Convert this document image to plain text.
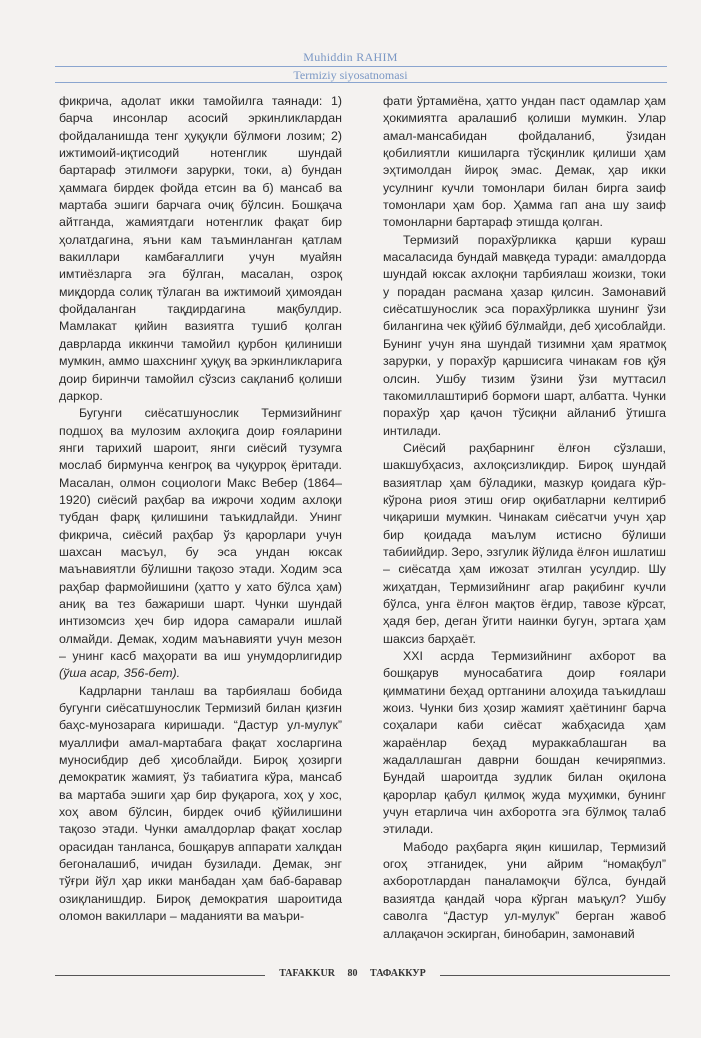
Muhiddin RAHIM
Termiziy siyosatnomasi

фикрича, адолат икки тамойилга таянади: 1) барча инсонлар асосий эркинликлардан фойдаланишда тенг ҳуқуқли бўлмоғи лозим; 2) ижтимоий-иқтисодий нотенглик шундай бартараф этилмоғи зарурки, токи, а) бундан ҳаммага бирдек фойда етсин ва б) мансаб ва мартаба эшиги барчага очиқ бўлсин. Бошқача айтганда, жамиятдаги нотенглик фақат бир ҳолатдагина, яъни кам таъминланган қатлам вакиллари камбағаллиги учун муайян имтиёзларга эга бўлган, масалан, озроқ миқдорда солиқ тўлаган ва ижтимоий ҳимоядан фойдаланган тақдирдагина мақбулдир. Мамлакат қийин вазиятга тушиб қолган даврларда иккинчи тамойил қурбон қилиниши мумкин, аммо шахснинг ҳуқуқ ва эркинликларига доир биринчи тамойил сўзсиз сақланиб қолиши даркор.

Бугунги сиёсатшунослик Термизийнинг подшоҳ ва мулозим ахлоқига доир ғояларини янги тарихий шароит, янги сиёсий тузумга мослаб бирмунча кенгроқ ва чуқурроқ ёритади. Масалан, олмон социологи Макс Вебер (1864–1920) сиёсий раҳбар ва ижрочи ходим ахлоқи тубдан фарқ қилишини таъкидлайди. Унинг фикрича, сиёсий раҳбар ўз қарорлари учун шахсан масъул, бу эса ундан юксак маънавиятли бўлишни тақозо этади. Ходим эса раҳбар фармойишини (ҳатто у хато бўлса ҳам) аниқ ва тез бажариши шарт. Чунки шундай интизомсиз ҳеч бир идора самарали ишлай олмайди. Демак, ходим маънавияти учун мезон – унинг касб маҳорати ва иш унумдорлигидир (ўша асар, 356-бет).

Кадрларни танлаш ва тарбиялаш бобида бугунги сиёсатшунослик Термизий билан қизғин баҳс-мунозарага киришади. “Дастур ул-мулук” муаллифи амал-мартабага фақат хосларгина муносибдир деб ҳисоблайди. Бироқ ҳозирги демократик жамият, ўз табиатига кўра, мансаб ва мартаба эшиги ҳар бир фуқарога, хоҳ у хос, хоҳ авом бўлсин, бирдек очиб қўйилишини тақозо этади. Чунки амалдорлар фақат хослар орасидан танланса, бошқарув аппарати халқдан бегоналашиб, ичидан бузилади. Демак, энг тўғри йўл ҳар икки манбадан ҳам баб-баравар озиқланишдир. Бироқ демократия шароитида оломон вакиллари – маданияти ва маъри-

фати ўртамиёна, ҳатто ундан паст одамлар ҳам ҳокимиятга аралашиб қолиши мумкин. Улар амал-мансабидан фойдаланиб, ўзидан қобилиятли кишиларга тўсқинлик қилиши ҳам эҳтимолдан йироқ эмас. Демак, ҳар икки усулнинг кучли томонлари билан бирга заиф томонлари ҳам бор. Ҳамма гап ана шу заиф томонларни бартараф этишда қолган.

Термизий порахўрликка қарши кураш масаласида бундай мавқеда туради: амалдорда шундай юксак ахлоқни тарбиялаш жоизки, токи у порадан расмана ҳазар қилсин. Замонавий сиёсатшунослик эса порахўрликка шунинг ўзи билангина чек қўйиб бўлмайди, деб ҳисоблайди. Бунинг учун яна шундай тизимни ҳам яратмоқ зарурки, у порахўр қаршисига чинакам ғов қўя олсин. Ушбу тизим ўзини ўзи муттасил такомиллаштириб бормоғи шарт, албатта. Чунки порахўр ҳар қачон тўсиқни айланиб ўтишга интилади.

Сиёсий раҳбарнинг ёлғон сўзлаши, шакшубҳасиз, ахлоқсизликдир. Бироқ шундай вазиятлар ҳам бўладики, мазкур қоидага кўр-кўрона риоя этиш оғир оқибатларни келтириб чиқариши мумкин. Чинакам сиёсатчи учун ҳар бир қоидада маълум истисно бўлиши табиийдир. Зеро, эзгулик йўлида ёлғон ишлатиш – сиёсатда ҳам ижозат этилган усулдир. Шу жиҳатдан, Термизийнинг агар рақибинг кучли бўлса, унга ёлғон мақтов ёғдир, тавозе кўрсат, ҳадя бер, деган ўгити наинки бугун, эртага ҳам шаксиз барҳаёт.

XXI асрда Термизийнинг ахборот ва бошқарув муносабатига доир ғоялари қимматини беҳад ортганини алоҳида таъкидлаш жоиз. Чунки биз ҳозир жамият ҳаётининг барча соҳалари каби сиёсат жабҳасида ҳам жараёнлар беҳад мураккаблашган ва жадаллашган даврни бошдан кечиряпмиз. Бундай шароитда зудлик билан оқилона қарорлар қабул қилмоқ жуда муҳимки, бунинг учун етарлича чин ахборотга эга бўлмоқ талаб этилади.

Мабодо раҳбарга яқин кишилар, Термизий огоҳ этганидек, уни айрим “номақбул” ахборотлардан паналамоқчи бўлса, бундай вазиятда қандай чора кўрган маъқул? Ушбу саволга “Дастур ул-мулук” берган жавоб аллақачон эскирган, бинобарин, замонавий

TAFAKKUR 80 ТАФАККУР
